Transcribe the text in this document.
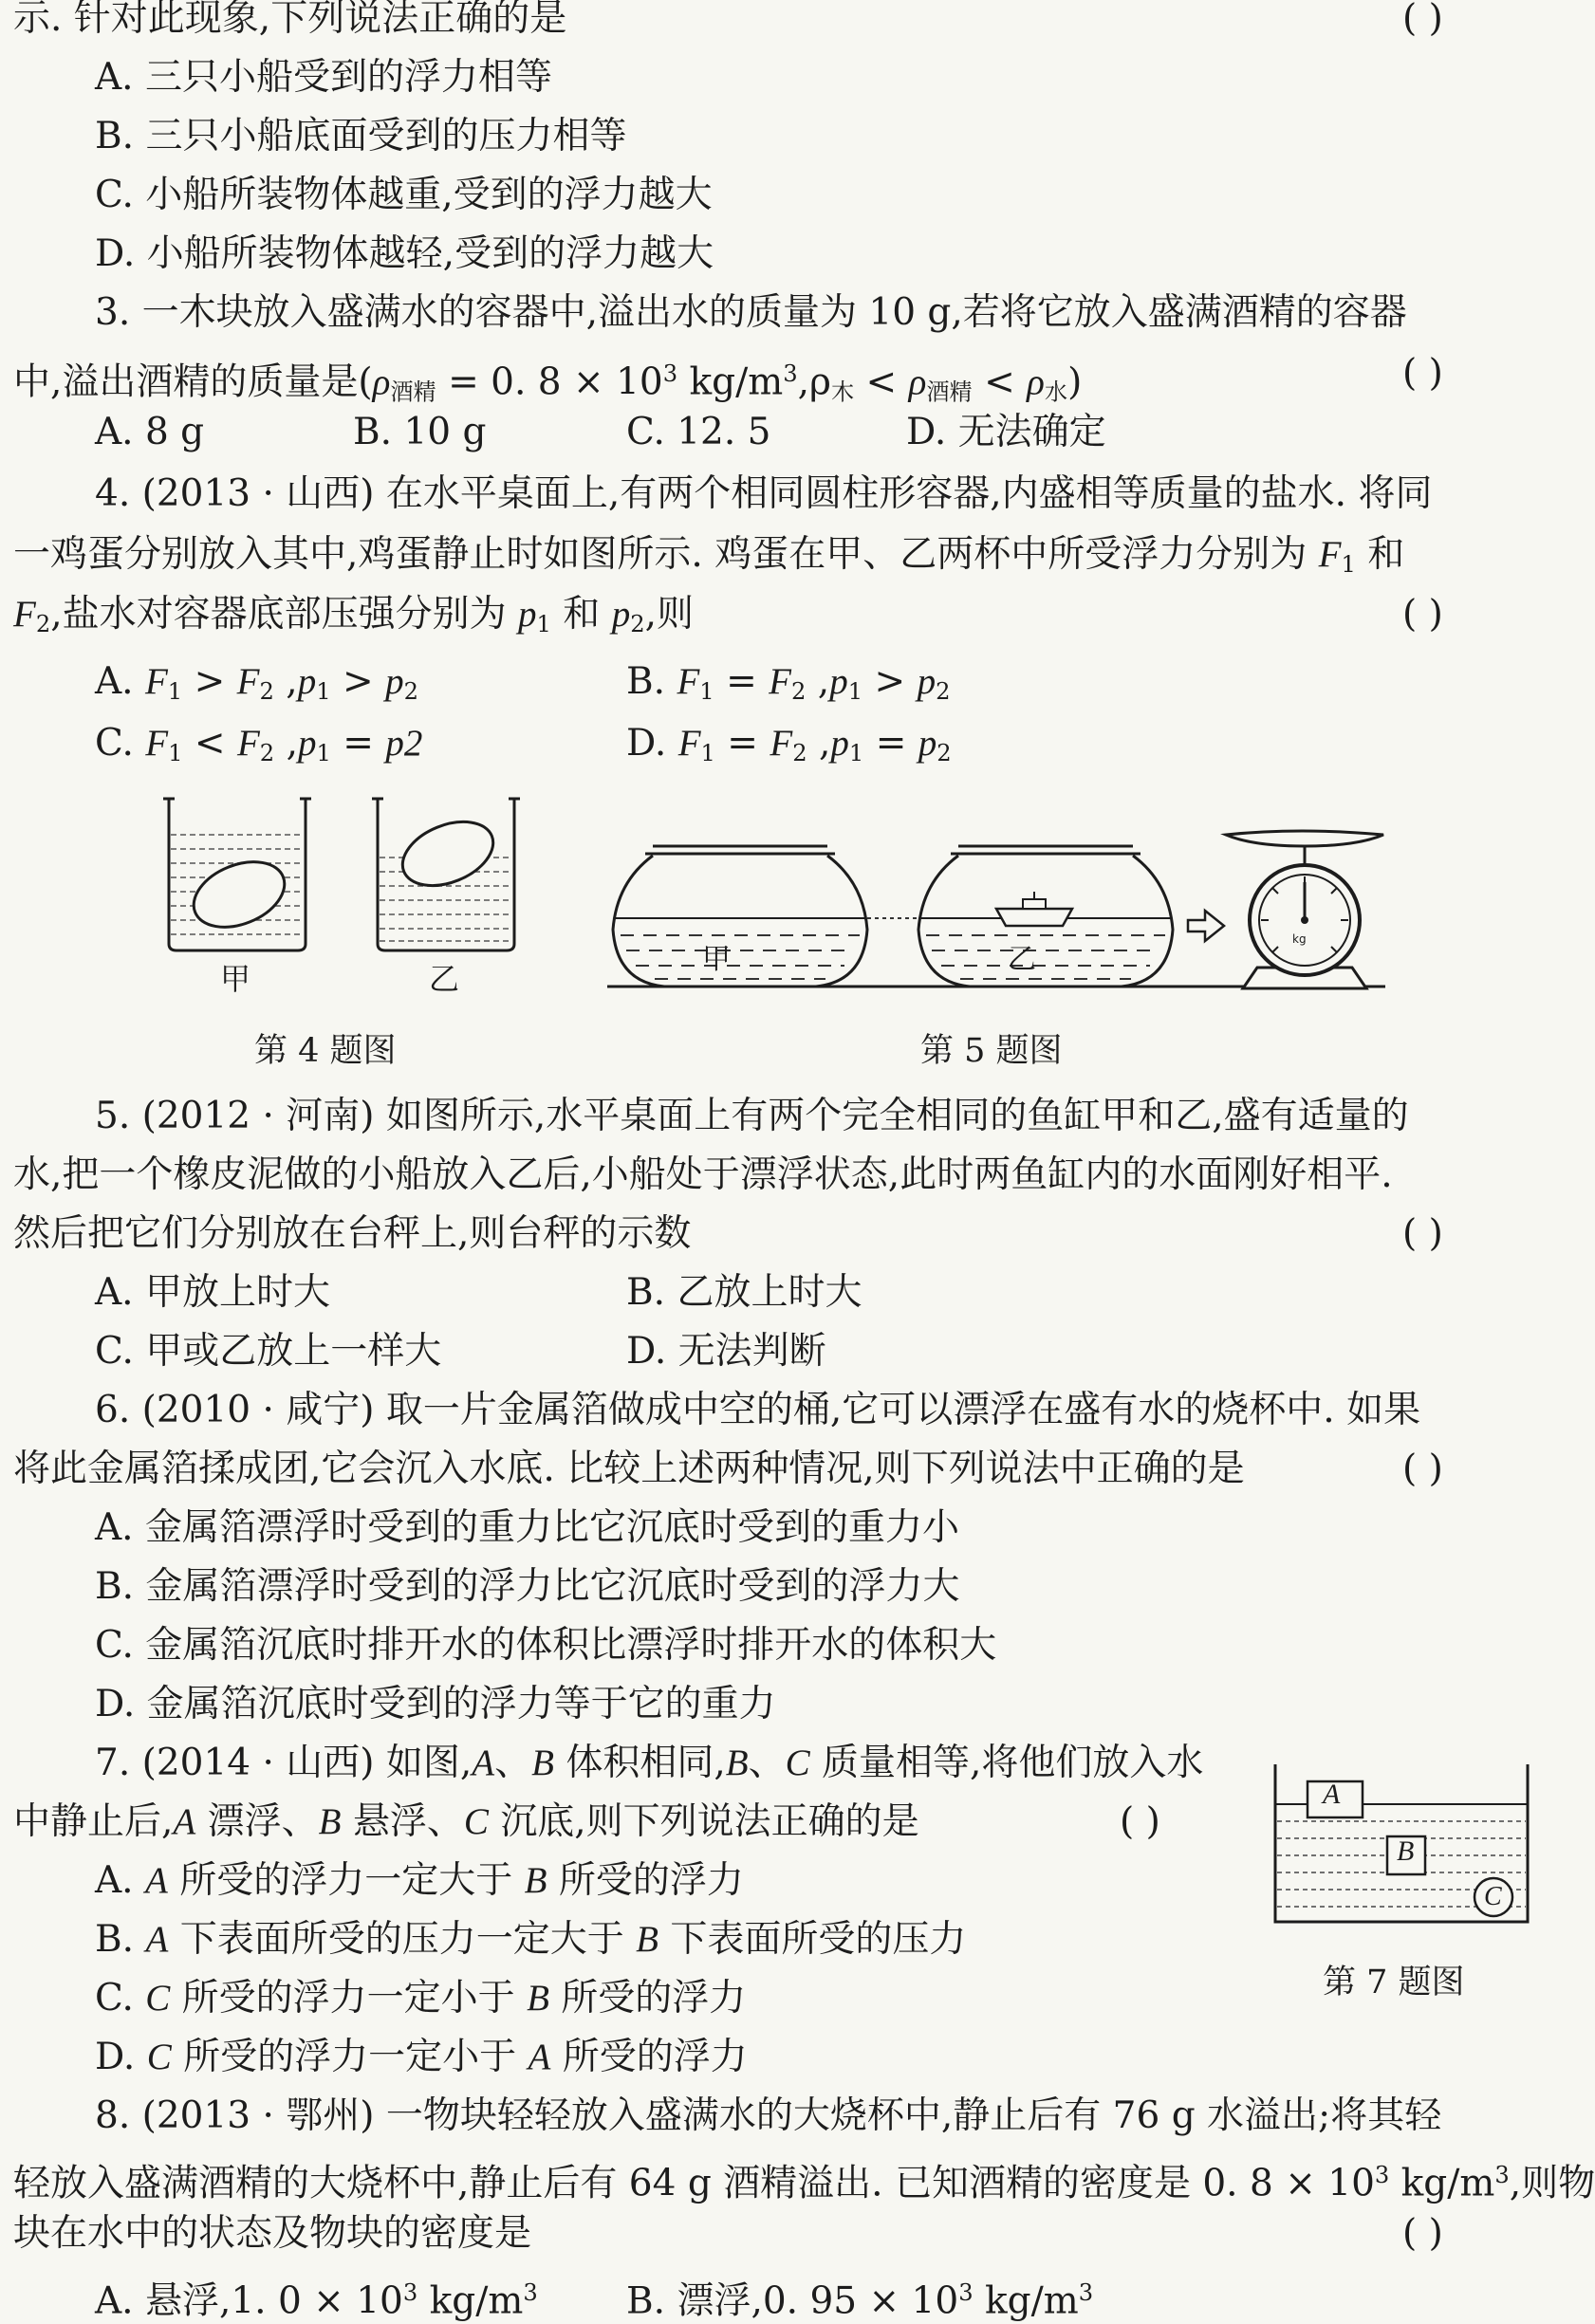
示. 针对此现象,下列说法正确的是	( )
A. 三只小船受到的浮力相等
B. 三只小船底面受到的压力相等
C. 小船所装物体越重,受到的浮力越大
D. 小船所装物体越轻,受到的浮力越大
3. 一木块放入盛满水的容器中,溢出水的质量为 10 g,若将它放入盛满酒精的容器
中,溢出酒精的质量是($\rho_{酒精} = 0$. $8 \times 10^3$ $kg/m^3,\rho_木 < \rho_{酒精} < \rho_水$)	( )
A. 8 g	B. 10 g	C. 12. 5	D. 无法确定
4. (2013 · 山西) 在水平桌面上,有两个相同圆柱形容器,内盛相等质量的盐水. 将同
一鸡蛋分别放入其中,鸡蛋静止时如图所示. 鸡蛋在甲、乙两杯中所受浮力分别为 $F_1$ 和
$F_2$,盐水对容器底部压强分别为 $p_1$ 和 $p_2$,则	( )
A. $F_1 > F_2$ $,p_1 > p_2$	B. $F_1 = F_2$ $,p_1 > p_2$
C. $F_1 < F_2$ $,p_1 = p2$	D. $F_1 = F_2$ $,p_1 = p_2$
甲	乙
第 4 题图
甲	乙
kg
第 5 题图
5. (2012 · 河南) 如图所示,水平桌面上有两个完全相同的鱼缸甲和乙,盛有适量的
水,把一个橡皮泥做的小船放入乙后,小船处于漂浮状态,此时两鱼缸内的水面刚好相平.
然后把它们分别放在台秤上,则台秤的示数	( )
A. 甲放上时大	B. 乙放上时大
C. 甲或乙放上一样大	D. 无法判断
6. (2010 · 咸宁) 取一片金属箔做成中空的桶,它可以漂浮在盛有水的烧杯中. 如果
将此金属箔揉成团,它会沉入水底. 比较上述两种情况,则下列说法中正确的是	( )
A. 金属箔漂浮时受到的重力比它沉底时受到的重力小
B. 金属箔漂浮时受到的浮力比它沉底时受到的浮力大
C. 金属箔沉底时排开水的体积比漂浮时排开水的体积大
D. 金属箔沉底时受到的浮力等于它的重力
7. (2014 · 山西) 如图,A、B 体积相同,B、C 质量相等,将他们放入水
中静止后,A 漂浮、B 悬浮、C 沉底,则下列说法正确的是	( )
A. A 所受的浮力一定大于 B 所受的浮力
B. A 下表面所受的压力一定大于 B 下表面所受的压力
C. C 所受的浮力一定小于 B 所受的浮力
D. C 所受的浮力一定小于 A 所受的浮力
A
B
C
第 7 题图
8. (2013 · 鄂州) 一物块轻轻放入盛满水的大烧杯中,静止后有 76 g 水溢出;将其轻
轻放入盛满酒精的大烧杯中,静止后有 64 g 酒精溢出. 已知酒精的密度是 0. $8 \times 10^3$ $kg/m^3$,则物
块在水中的状态及物块的密度是	( )
A. 悬浮,1. $0 \times 10^3$ $kg/m^3$ B. 漂浮,0. $95 \times 10^3$ $kg/m^3$
